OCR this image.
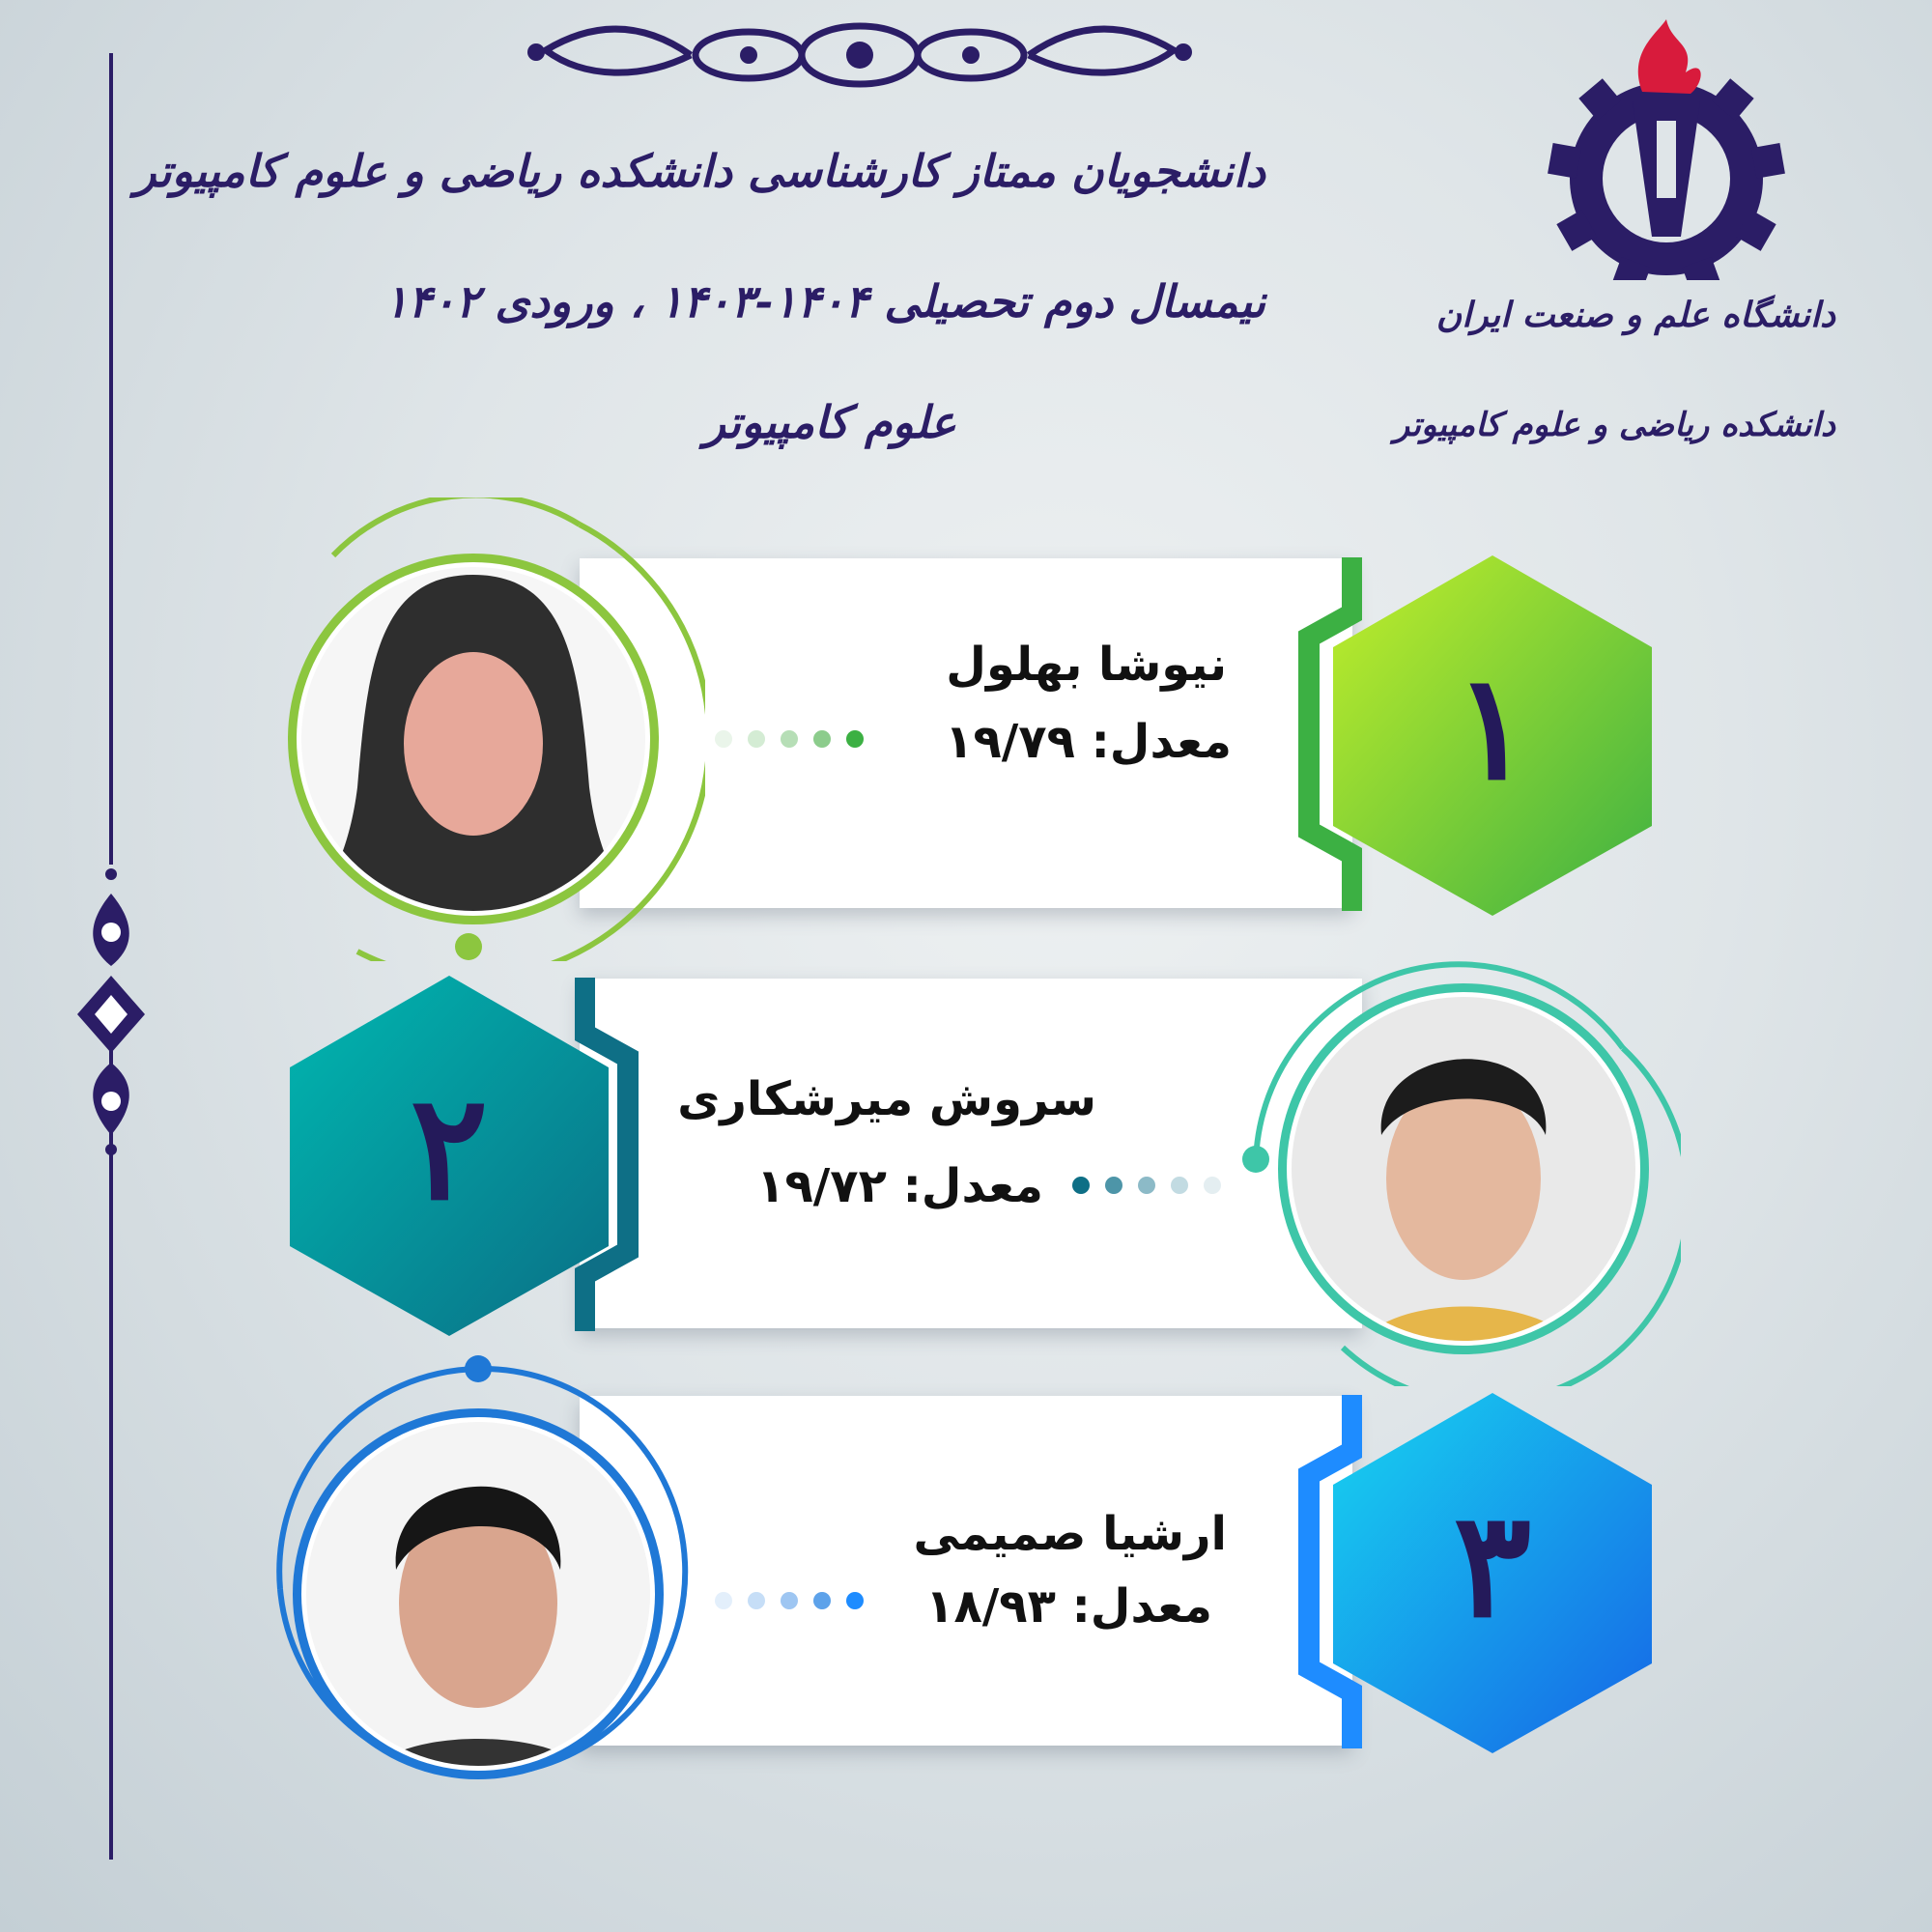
دانشجویان ممتاز کارشناسی دانشکده ریاضی و علوم کامپیوتر
نیمسال دوم تحصیلی ۱۴۰۴-۱۴۰۳ ، ورودی ۱۴۰۲
علوم کامپیوتر
دانشگاه علم و صنعت ایران
دانشکده ریاضی و علوم کامپیوتر
۱
نیوشا بهلول
معدل: ۱۹/۷۹
۲	سروش میرشکاری
معدل: ۱۹/۷۲
۳
ارشیا صمیمی
معدل: ۱۸/۹۳
